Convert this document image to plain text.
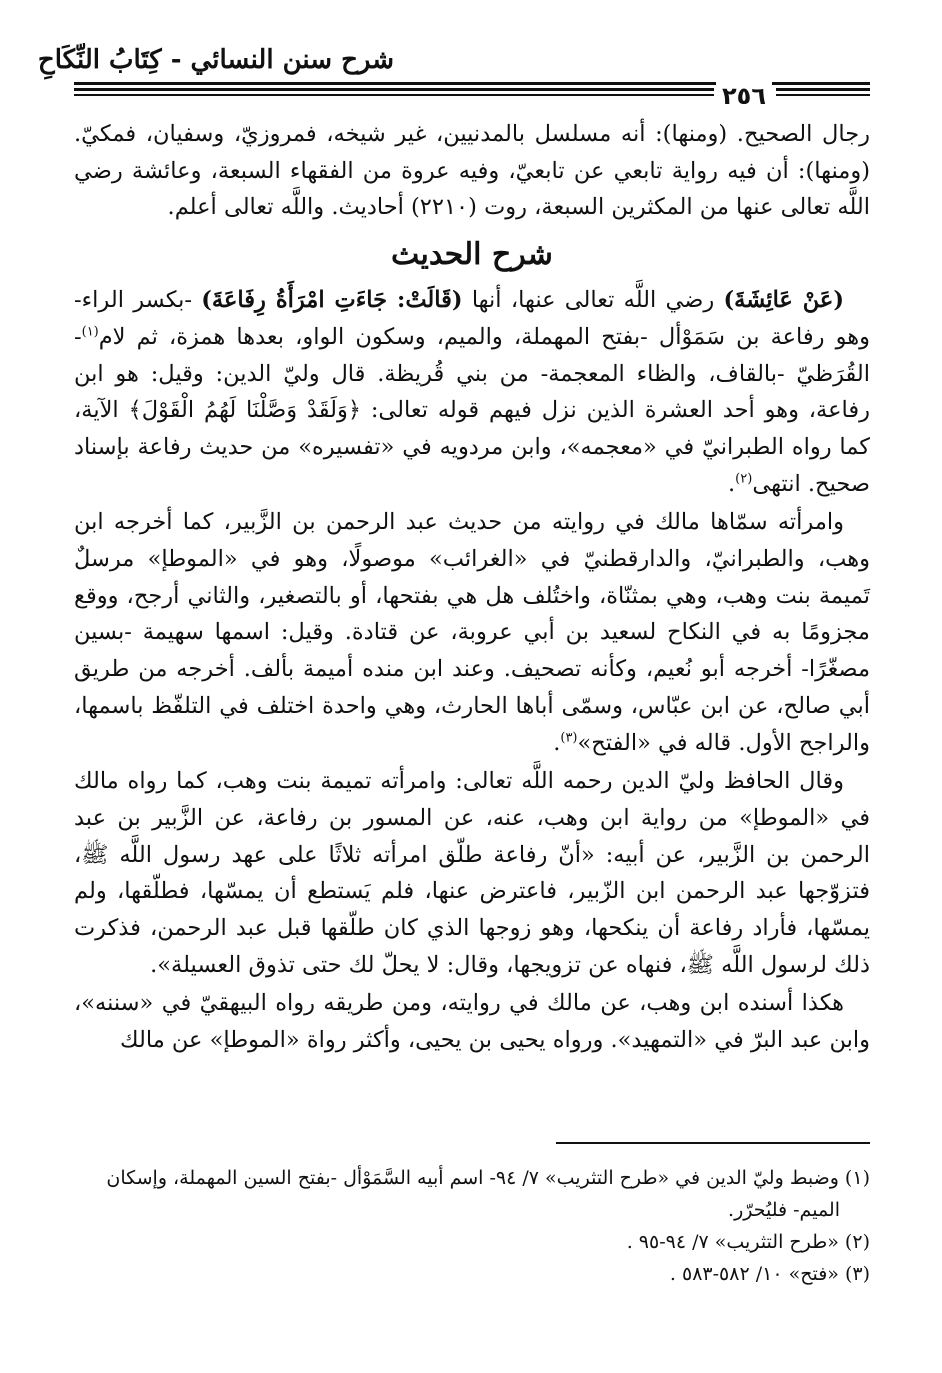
شرح سنن النسائي - كِتَابُ النِّكَاحِ
٢٥٦

رجال الصحيح. (ومنها): أنه مسلسل بالمدنيين، غير شيخه، فمروزيّ، وسفيان، فمكيّ. (ومنها): أن فيه رواية تابعي عن تابعيّ، وفيه عروة من الفقهاء السبعة، وعائشة رضي اللَّه تعالى عنها من المكثرين السبعة، روت (٢٢١٠) أحاديث. واللَّه تعالى أعلم.

شرح الحديث

(عَنْ عَائِشَةَ) رضي اللَّه تعالى عنها، أنها (قَالَتْ: جَاءَتِ امْرَأَةُ رِفَاعَةَ) -بكسر الراء- وهو رفاعة بن سَمَوْأل -بفتح المهملة، والميم، وسكون الواو، بعدها همزة، ثم لام$^{(١)}$- القُرَظيّ -بالقاف، والظاء المعجمة- من بني قُريظة. قال وليّ الدين: وقيل: هو ابن رفاعة، وهو أحد العشرة الذين نزل فيهم قوله تعالى: ﴿وَلَقَدْ وَصَّلْنَا لَهُمُ الْقَوْلَ﴾ الآية، كما رواه الطبرانيّ في «معجمه»، وابن مردويه في «تفسيره» من حديث رفاعة بإسناد صحيح. انتهى$^{(٢)}$.

وامرأته سمّاها مالك في روايته من حديث عبد الرحمن بن الزَّبير، كما أخرجه ابن وهب، والطبرانيّ، والدارقطنيّ في «الغرائب» موصولًا، وهو في «الموطإ» مرسلٌ تَميمة بنت وهب، وهي بمثنّاة، واختُلف هل هي بفتحها، أو بالتصغير، والثاني أرجح، ووقع مجزومًا به في النكاح لسعيد بن أبي عروبة، عن قتادة. وقيل: اسمها سهيمة -بسين مصغّرًا- أخرجه أبو نُعيم، وكأنه تصحيف. وعند ابن منده أميمة بألف. أخرجه من طريق أبي صالح، عن ابن عبّاس، وسمّى أباها الحارث، وهي واحدة اختلف في التلفّظ باسمها، والراجح الأول. قاله في «الفتح»$^{(٣)}$.

وقال الحافظ وليّ الدين رحمه اللَّه تعالى: وامرأته تميمة بنت وهب، كما رواه مالك في «الموطإ» من رواية ابن وهب، عنه، عن المسور بن رفاعة، عن الزَّبير بن عبد الرحمن بن الزَّبير، عن أبيه: «أنّ رفاعة طلّق امرأته ثلاثًا على عهد رسول اللَّه ﷺ، فتزوّجها عبد الرحمن ابن الزّبير، فاعترض عنها، فلم يَستطع أن يمسّها، فطلّقها، ولم يمسّها، فأراد رفاعة أن ينكحها، وهو زوجها الذي كان طلّقها قبل عبد الرحمن، فذكرت ذلك لرسول اللَّه ﷺ، فنهاه عن تزويجها، وقال: لا يحلّ لك حتى تذوق العسيلة».

هكذا أسنده ابن وهب، عن مالك في روايته، ومن طريقه رواه البيهقيّ في «سننه»، وابن عبد البرّ في «التمهيد». ورواه يحيى بن يحيى، وأكثر رواة «الموطإ» عن مالك

(١) وضبط وليّ الدين في «طرح التثريب» ٧/ ٩٤- اسم أبيه السَّمَوْأل -بفتح السين المهملة، وإسكان

الميم- فليُحرّر.

(٢) «طرح التثريب» ٧/ ٩٤-٩٥ .

(٣) «فتح» ١٠/ ٥٨٢-٥٨٣ .
